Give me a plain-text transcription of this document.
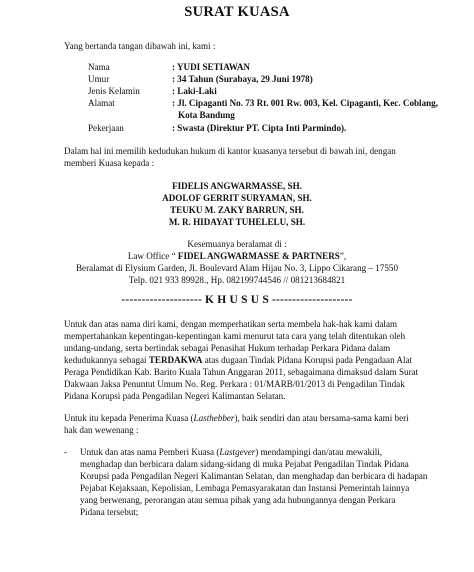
SURAT KUASA
Yang bertanda tangan dibawah ini, kami :
Nama	: YUDI SETIAWAN
Umur	: 34 Tahun (Surabaya, 29 Juni 1978)
Jenis Kelamin	: Laki-Laki
Alamat	: Jl. Cipaganti No. 73 Rt. 001 Rw. 003, Kel. Cipaganti, Kec. Coblang,
Kota Bandung
Pekerjaan	: Swasta (Direktur PT. Cipta Inti Parmindo).
Dalam hal ini memilih kedudukan hukum di kantor kuasanya tersebut di bawah ini, dengan
memberi Kuasa kepada :
FIDELIS ANGWARMASSE, SH.
ADOLOF GERRIT SURYAMAN, SH.
TEUKU M. ZAKY BARRUN, SH.
M. R. HIDAYAT TUHELELU, SH.
Kesemuanya beralamat di :
Law Office “ FIDEL ANGWARMASSE & PARTNERS”,
Beralamat di Elysium Garden, Jl. Boulevard Alam Hijau No. 3, Lippo Cikarang – 17550
Telp. 021 933 89928., Hp. 082199744546 // 081213684821
-------------------- K H U S U S --------------------
Untuk dan atas nama diri kami, dengan memperhatikan serta membela hak-hak kami dalam
mempertahankan kepentingan-kepentingan kami menurut tata cara yang telah ditentukan oleh
undang-undang, serta bertindak sebagai Penasihat Hukum terhadap Perkara Pidana dalam
kedudukannya sebagai TERDAKWA atas dugaan Tindak Pidana Korupsi pada Pengadaan Alat
Peraga Pendidikan Kab. Barito Kuala Tahun Anggaran 2011, sebagaimana dimaksud dalam Surat
Dakwaan Jaksa Penuntut Umum No. Reg. Perkara : 01/MARB/01/2013 di Pengadilan Tindak
Pidana Korupsi pada Pengadilan Negeri Kalimantan Selatan.
Untuk itu kepada Penerima Kuasa (Lasthebber), baik sendiri dan atau bersama-sama kami beri
hak dan wewenang :
- Untuk dan atas nama Pemberi Kuasa (Lastgever) mendampingi dan/atau mewakili,
menghadap dan berbicara dalam sidang-sidang di muka Pejabat Pengadilan Tindak Pidana
Korupsi pada Pengadilan Negeri Kalimantan Selatan, dan menghadap dan berbicara di hadapan
Pejabat Kejaksaan, Kepolisian, Lembaga Pemasyarakatan dan Instansi Pemerintah lainnya
yang berwenang, perorangan atau semua pihak yang ada hubungannya dengan Perkara
Pidana tersebut;
